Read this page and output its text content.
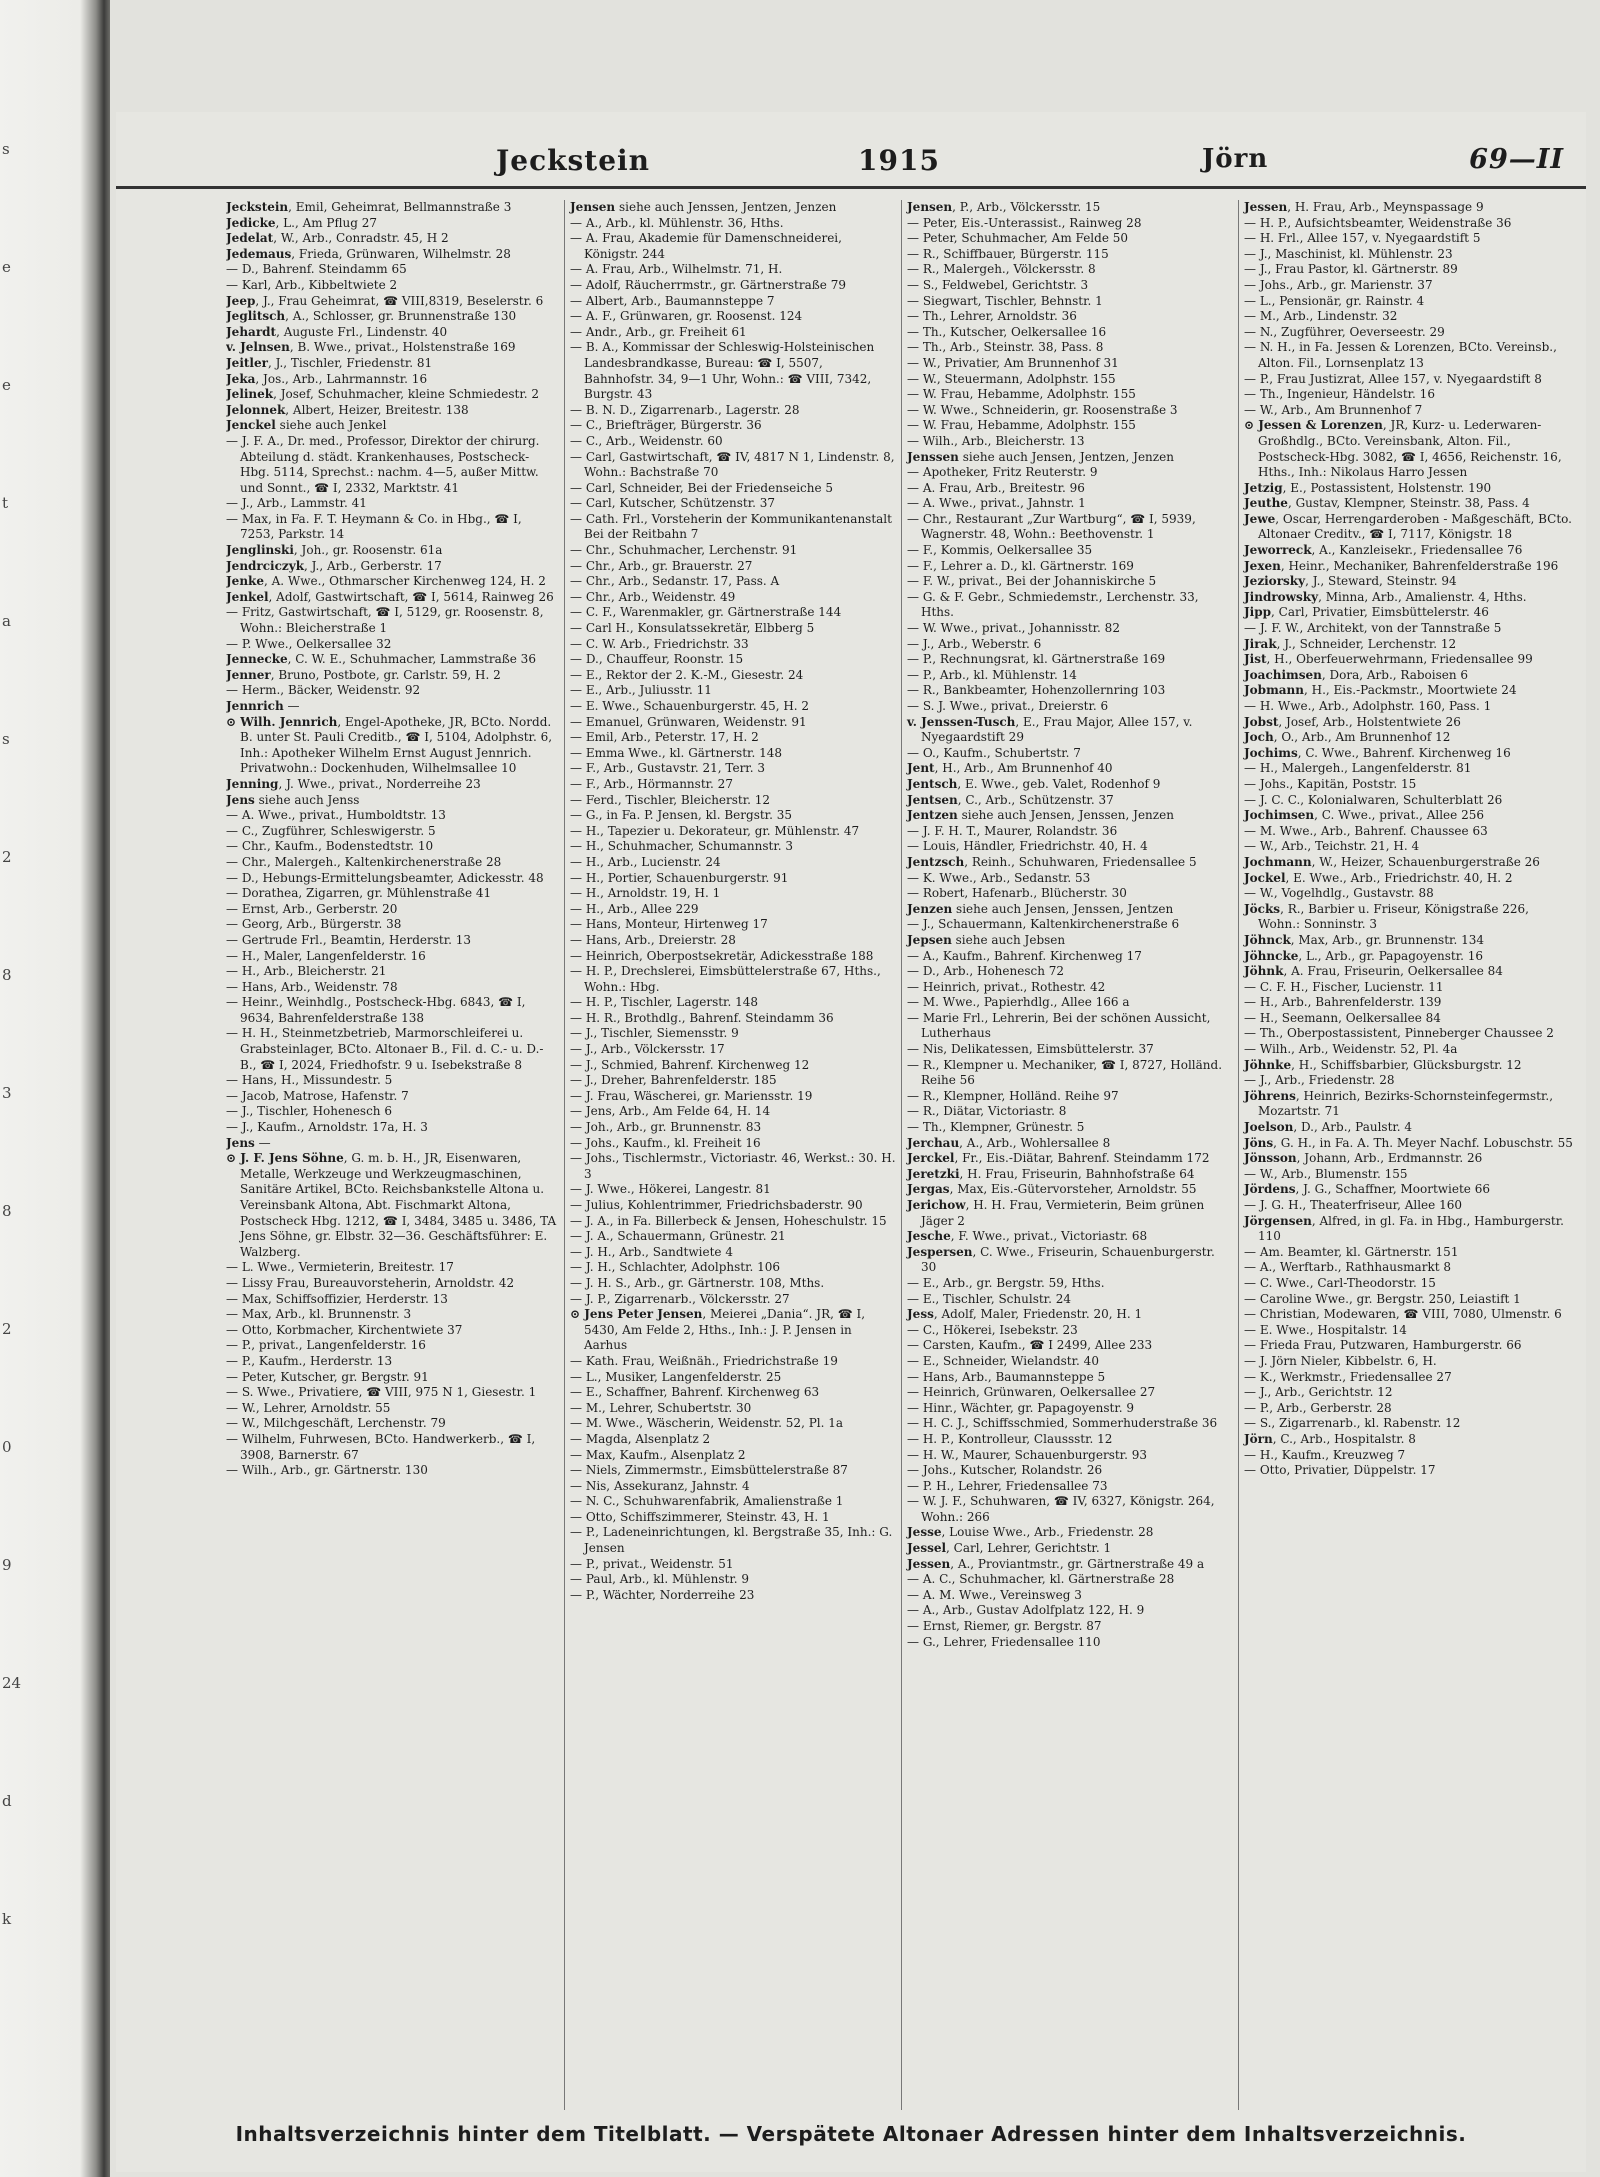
s
e
e
t
a
s
2
8
3
8
2
0
9
24
d
k
Jeckstein	1915	Jörn	69—II

Jeckstein, Emil, Geheimrat, Bellmannstraße 3

Jedicke, L., Am Pflug 27

Jedelat, W., Arb., Conradstr. 45, H 2

Jedemaus, Frieda, Grünwaren, Wilhelmstr. 28

— D., Bahrenf. Steindamm 65

— Karl, Arb., Kibbeltwiete 2

Jeep, J., Frau Geheimrat, ☎ VIII,8319, Beselerstr. 6

Jeglitsch, A., Schlosser, gr. Brunnenstraße 130

Jehardt, Auguste Frl., Lindenstr. 40

v. Jelnsen, B. Wwe., privat., Holstenstraße 169

Jeitler, J., Tischler, Friedenstr. 81

Jeka, Jos., Arb., Lahrmannstr. 16

Jelinek, Josef, Schuhmacher, kleine Schmiedestr. 2

Jelonnek, Albert, Heizer, Breitestr. 138

Jenckel siehe auch Jenkel

— J. F. A., Dr. med., Professor, Direktor der chirurg. Abteilung d. städt. Krankenhauses, Postscheck- Hbg. 5114, Sprechst.: nachm. 4—5, außer Mittw. und Sonnt., ☎ I, 2332, Marktstr. 41

— J., Arb., Lammstr. 41

— Max, in Fa. F. T. Heymann & Co. in Hbg., ☎ I, 7253, Parkstr. 14

Jenglinski, Joh., gr. Roosenstr. 61a

Jendrciczyk, J., Arb., Gerberstr. 17

Jenke, A. Wwe., Othmarscher Kirchenweg 124, H. 2

Jenkel, Adolf, Gastwirtschaft, ☎ I, 5614, Rainweg 26

— Fritz, Gastwirtschaft, ☎ I, 5129, gr. Roosenstr. 8, Wohn.: Bleicherstraße 1

— P. Wwe., Oelkersallee 32

Jennecke, C. W. E., Schuhmacher, Lammstraße 36

Jenner, Bruno, Postbote, gr. Carlstr. 59, H. 2

— Herm., Bäcker, Weidenstr. 92

Jennrich —

⊙ Wilh. Jennrich, Engel-Apotheke, JR, BCto. Nordd. B. unter St. Pauli Creditb., ☎ I, 5104, Adolphstr. 6, Inh.: Apotheker Wilhelm Ernst August Jennrich. Privatwohn.: Dockenhuden, Wilhelmsallee 10

Jenning, J. Wwe., privat., Norderreihe 23

Jens siehe auch Jenss

— A. Wwe., privat., Humboldtstr. 13

— C., Zugführer, Schleswigerstr. 5

— Chr., Kaufm., Bodenstedtstr. 10

— Chr., Malergeh., Kaltenkirchenerstraße 28

— D., Hebungs-Ermittelungsbeamter, Adickesstr. 48

— Dorathea, Zigarren, gr. Mühlenstraße 41

— Ernst, Arb., Gerberstr. 20

— Georg, Arb., Bürgerstr. 38

— Gertrude Frl., Beamtin, Herderstr. 13

— H., Maler, Langenfelderstr. 16

— H., Arb., Bleicherstr. 21

— Hans, Arb., Weidenstr. 78

— Heinr., Weinhdlg., Postscheck-Hbg. 6843, ☎ I, 9634, Bahrenfelderstraße 138

— H. H., Steinmetzbetrieb, Marmorschleiferei u. Grabsteinlager, BCto. Altonaer B., Fil. d. C.- u. D.-B., ☎ I, 2024, Friedhofstr. 9 u. Isebekstraße 8

— Hans, H., Missundestr. 5

— Jacob, Matrose, Hafenstr. 7

— J., Tischler, Hohenesch 6

— J., Kaufm., Arnoldstr. 17a, H. 3

Jens —

⊙ J. F. Jens Söhne, G. m. b. H., JR, Eisenwaren, Metalle, Werkzeuge und Werkzeugmaschinen, Sanitäre Artikel, BCto. Reichsbankstelle Altona u. Vereinsbank Altona, Abt. Fischmarkt Altona, Postscheck Hbg. 1212, ☎ I, 3484, 3485 u. 3486, TA Jens Söhne, gr. Elbstr. 32—36. Geschäftsführer: E. Walzberg.

— L. Wwe., Vermieterin, Breitestr. 17

— Lissy Frau, Bureauvorsteherin, Arnoldstr. 42

— Max, Schiffsoffizier, Herderstr. 13

— Max, Arb., kl. Brunnenstr. 3

— Otto, Korbmacher, Kirchentwiete 37

— P., privat., Langenfelderstr. 16

— P., Kaufm., Herderstr. 13

— Peter, Kutscher, gr. Bergstr. 91

— S. Wwe., Privatiere, ☎ VIII, 975 N 1, Giesestr. 1

— W., Lehrer, Arnoldstr. 55

— W., Milchgeschäft, Lerchenstr. 79

— Wilhelm, Fuhrwesen, BCto. Handwerkerb., ☎ I, 3908, Barnerstr. 67

— Wilh., Arb., gr. Gärtnerstr. 130

Jensen siehe auch Jenssen, Jentzen, Jenzen

— A., Arb., kl. Mühlenstr. 36, Hths.

— A. Frau, Akademie für Damenschneiderei, Königstr. 244

— A. Frau, Arb., Wilhelmstr. 71, H.

— Adolf, Räucherrmstr., gr. Gärtnerstraße 79

— Albert, Arb., Baumannsteppe 7

— A. F., Grünwaren, gr. Roosenst. 124

— Andr., Arb., gr. Freiheit 61

— B. A., Kommissar der Schleswig-Holsteinischen Landesbrandkasse, Bureau: ☎ I, 5507, Bahnhofstr. 34, 9—1 Uhr, Wohn.: ☎ VIII, 7342, Burgstr. 43

— B. N. D., Zigarrenarb., Lagerstr. 28

— C., Briefträger, Bürgerstr. 36

— C., Arb., Weidenstr. 60

— Carl, Gastwirtschaft, ☎ IV, 4817 N 1, Lindenstr. 8, Wohn.: Bachstraße 70

— Carl, Schneider, Bei der Friedenseiche 5

— Carl, Kutscher, Schützenstr. 37

— Cath. Frl., Vorsteherin der Kommunikantenanstalt Bei der Reitbahn 7

— Chr., Schuhmacher, Lerchenstr. 91

— Chr., Arb., gr. Brauerstr. 27

— Chr., Arb., Sedanstr. 17, Pass. A

— Chr., Arb., Weidenstr. 49

— C. F., Warenmakler, gr. Gärtnerstraße 144

— Carl H., Konsulatssekretär, Elbberg 5

— C. W. Arb., Friedrichstr. 33

— D., Chauffeur, Roonstr. 15

— E., Rektor der 2. K.-M., Giesestr. 24

— E., Arb., Juliusstr. 11

— E. Wwe., Schauenburgerstr. 45, H. 2

— Emanuel, Grünwaren, Weidenstr. 91

— Emil, Arb., Peterstr. 17, H. 2

— Emma Wwe., kl. Gärtnerstr. 148

— F., Arb., Gustavstr. 21, Terr. 3

— F., Arb., Hörmannstr. 27

— Ferd., Tischler, Bleicherstr. 12

— G., in Fa. P. Jensen, kl. Bergstr. 35

— H., Tapezier u. Dekorateur, gr. Mühlenstr. 47

— H., Schuhmacher, Schumannstr. 3

— H., Arb., Lucienstr. 24

— H., Portier, Schauenburgerstr. 91

— H., Arnoldstr. 19, H. 1

— H., Arb., Allee 229

— Hans, Monteur, Hirtenweg 17

— Hans, Arb., Dreierstr. 28

— Heinrich, Oberpostsekretär, Adickesstraße 188

— H. P., Drechslerei, Eimsbüttelerstraße 67, Hths., Wohn.: Hbg.

— H. P., Tischler, Lagerstr. 148

— H. R., Brothdlg., Bahrenf. Steindamm 36

— J., Tischler, Siemensstr. 9

— J., Arb., Völckersstr. 17

— J., Schmied, Bahrenf. Kirchenweg 12

— J., Dreher, Bahrenfelderstr. 185

— J. Frau, Wäscherei, gr. Mariensstr. 19

— Jens, Arb., Am Felde 64, H. 14

— Joh., Arb., gr. Brunnenstr. 83

— Johs., Kaufm., kl. Freiheit 16

— Johs., Tischlermstr., Victoriastr. 46, Werkst.: 30. H. 3

— J. Wwe., Hökerei, Langestr. 81

— Julius, Kohlentrimmer, Friedrichsbaderstr. 90

— J. A., in Fa. Billerbeck & Jensen, Hoheschulstr. 15

— J. A., Schauermann, Grünestr. 21

— J. H., Arb., Sandtwiete 4

— J. H., Schlachter, Adolphstr. 106

— J. H. S., Arb., gr. Gärtnerstr. 108, Mths.

— J. P., Zigarrenarb., Völckersstr. 27

⊙ Jens Peter Jensen, Meierei „Dania“. JR, ☎ I, 5430, Am Felde 2, Hths., Inh.: J. P. Jensen in Aarhus

— Kath. Frau, Weißnäh., Friedrichstraße 19

— L., Musiker, Langenfelderstr. 25

— E., Schaffner, Bahrenf. Kirchenweg 63

— M., Lehrer, Schubertstr. 30

— M. Wwe., Wäscherin, Weidenstr. 52, Pl. 1a

— Magda, Alsenplatz 2

— Max, Kaufm., Alsenplatz 2

— Niels, Zimmermstr., Eimsbüttelerstraße 87

— Nis, Assekuranz, Jahnstr. 4

— N. C., Schuhwarenfabrik, Amalienstraße 1

— Otto, Schiffszimmerer, Steinstr. 43, H. 1

— P., Ladeneinrichtungen, kl. Bergstraße 35, Inh.: G. Jensen

— P., privat., Weidenstr. 51

— Paul, Arb., kl. Mühlenstr. 9

— P., Wächter, Norderreihe 23

Jensen, P., Arb., Völckersstr. 15

— Peter, Eis.-Unterassist., Rainweg 28

— Peter, Schuhmacher, Am Felde 50

— R., Schiffbauer, Bürgerstr. 115

— R., Malergeh., Völckersstr. 8

— S., Feldwebel, Gerichtstr. 3

— Siegwart, Tischler, Behnstr. 1

— Th., Lehrer, Arnoldstr. 36

— Th., Kutscher, Oelkersallee 16

— Th., Arb., Steinstr. 38, Pass. 8

— W., Privatier, Am Brunnenhof 31

— W., Steuermann, Adolphstr. 155

— W. Frau, Hebamme, Adolphstr. 155

— W. Wwe., Schneiderin, gr. Roosenstraße 3

— W. Frau, Hebamme, Adolphstr. 155

— Wilh., Arb., Bleicherstr. 13

Jenssen siehe auch Jensen, Jentzen, Jenzen

— Apotheker, Fritz Reuterstr. 9

— A. Frau, Arb., Breitestr. 96

— A. Wwe., privat., Jahnstr. 1

— Chr., Restaurant „Zur Wartburg“, ☎ I, 5939, Wagnerstr. 48, Wohn.: Beethovenstr. 1

— F., Kommis, Oelkersallee 35

— F., Lehrer a. D., kl. Gärtnerstr. 169

— F. W., privat., Bei der Johanniskirche 5

— G. & F. Gebr., Schmiedemstr., Lerchenstr. 33, Hths.

— W. Wwe., privat., Johannisstr. 82

— J., Arb., Weberstr. 6

— P., Rechnungsrat, kl. Gärtnerstraße 169

— P., Arb., kl. Mühlenstr. 14

— R., Bankbeamter, Hohenzollernring 103

— S. J. Wwe., privat., Dreierstr. 6

v. Jenssen-Tusch, E., Frau Major, Allee 157, v. Nyegaardstift 29

— O., Kaufm., Schubertstr. 7

Jent, H., Arb., Am Brunnenhof 40

Jentsch, E. Wwe., geb. Valet, Rodenhof 9

Jentsen, C., Arb., Schützenstr. 37

Jentzen siehe auch Jensen, Jenssen, Jenzen

— J. F. H. T., Maurer, Rolandstr. 36

— Louis, Händler, Friedrichstr. 40, H. 4

Jentzsch, Reinh., Schuhwaren, Friedensallee 5

— K. Wwe., Arb., Sedanstr. 53

— Robert, Hafenarb., Blücherstr. 30

Jenzen siehe auch Jensen, Jenssen, Jentzen

— J., Schauermann, Kaltenkirchenerstraße 6

Jepsen siehe auch Jebsen

— A., Kaufm., Bahrenf. Kirchenweg 17

— D., Arb., Hohenesch 72

— Heinrich, privat., Rothestr. 42

— M. Wwe., Papierhdlg., Allee 166 a

— Marie Frl., Lehrerin, Bei der schönen Aussicht, Lutherhaus

— Nis, Delikatessen, Eimsbüttelerstr. 37

— R., Klempner u. Mechaniker, ☎ I, 8727, Holländ. Reihe 56

— R., Klempner, Holländ. Reihe 97

— R., Diätar, Victoriastr. 8

— Th., Klempner, Grünestr. 5

Jerchau, A., Arb., Wohlersallee 8

Jerckel, Fr., Eis.-Diätar, Bahrenf. Steindamm 172

Jeretzki, H. Frau, Friseurin, Bahnhofstraße 64

Jergas, Max, Eis.-Gütervorsteher, Arnoldstr. 55

Jerichow, H. H. Frau, Vermieterin, Beim grünen Jäger 2

Jesche, F. Wwe., privat., Victoriastr. 68

Jespersen, C. Wwe., Friseurin, Schauenburgerstr. 30

— E., Arb., gr. Bergstr. 59, Hths.

— E., Tischler, Schulstr. 24

Jess, Adolf, Maler, Friedenstr. 20, H. 1

— C., Hökerei, Isebekstr. 23

— Carsten, Kaufm., ☎ I 2499, Allee 233

— E., Schneider, Wielandstr. 40

— Hans, Arb., Baumannsteppe 5

— Heinrich, Grünwaren, Oelkersallee 27

— Hinr., Wächter, gr. Papagoyenstr. 9

— H. C. J., Schiffsschmied, Sommerhuderstraße 36

— H. P., Kontrolleur, Claussstr. 12

— H. W., Maurer, Schauenburgerstr. 93

— Johs., Kutscher, Rolandstr. 26

— P. H., Lehrer, Friedensallee 73

— W. J. F., Schuhwaren, ☎ IV, 6327, Königstr. 264, Wohn.: 266

Jesse, Louise Wwe., Arb., Friedenstr. 28

Jessel, Carl, Lehrer, Gerichtstr. 1

Jessen, A., Proviantmstr., gr. Gärtnerstraße 49 a

— A. C., Schuhmacher, kl. Gärtnerstraße 28

— A. M. Wwe., Vereinsweg 3

— A., Arb., Gustav Adolfplatz 122, H. 9

— Ernst, Riemer, gr. Bergstr. 87

— G., Lehrer, Friedensallee 110

Jessen, H. Frau, Arb., Meynspassage 9

— H. P., Aufsichtsbeamter, Weidenstraße 36

— H. Frl., Allee 157, v. Nyegaardstift 5

— J., Maschinist, kl. Mühlenstr. 23

— J., Frau Pastor, kl. Gärtnerstr. 89

— Johs., Arb., gr. Marienstr. 37

— L., Pensionär, gr. Rainstr. 4

— M., Arb., Lindenstr. 32

— N., Zugführer, Oeverseestr. 29

— N. H., in Fa. Jessen & Lorenzen, BCto. Vereinsb., Alton. Fil., Lornsenplatz 13

— P., Frau Justizrat, Allee 157, v. Nyegaardstift 8

— Th., Ingenieur, Händelstr. 16

— W., Arb., Am Brunnenhof 7

⊙ Jessen & Lorenzen, JR, Kurz- u. Lederwaren-Großhdlg., BCto. Vereinsbank, Alton. Fil., Postscheck-Hbg. 3082, ☎ I, 4656, Reichenstr. 16, Hths., Inh.: Nikolaus Harro Jessen

Jetzig, E., Postassistent, Holstenstr. 190

Jeuthe, Gustav, Klempner, Steinstr. 38, Pass. 4

Jewe, Oscar, Herrengarderoben - Maßgeschäft, BCto. Altonaer Creditv., ☎ I, 7117, Königstr. 18

Jeworreck, A., Kanzleisekr., Friedensallee 76

Jexen, Heinr., Mechaniker, Bahrenfelderstraße 196

Jeziorsky, J., Steward, Steinstr. 94

Jindrowsky, Minna, Arb., Amalienstr. 4, Hths.

Jipp, Carl, Privatier, Eimsbüttelerstr. 46

— J. F. W., Architekt, von der Tannstraße 5

Jirak, J., Schneider, Lerchenstr. 12

Jist, H., Oberfeuerwehrmann, Friedensallee 99

Joachimsen, Dora, Arb., Raboisen 6

Jobmann, H., Eis.-Packmstr., Moortwiete 24

— H. Wwe., Arb., Adolphstr. 160, Pass. 1

Jobst, Josef, Arb., Holstentwiete 26

Joch, O., Arb., Am Brunnenhof 12

Jochims, C. Wwe., Bahrenf. Kirchenweg 16

— H., Malergeh., Langenfelderstr. 81

— Johs., Kapitän, Poststr. 15

— J. C. C., Kolonialwaren, Schulterblatt 26

Jochimsen, C. Wwe., privat., Allee 256

— M. Wwe., Arb., Bahrenf. Chaussee 63

— W., Arb., Teichstr. 21, H. 4

Jochmann, W., Heizer, Schauenburgerstraße 26

Jockel, E. Wwe., Arb., Friedrichstr. 40, H. 2

— W., Vogelhdlg., Gustavstr. 88

Jöcks, R., Barbier u. Friseur, Königstraße 226, Wohn.: Sonninstr. 3

Jöhnck, Max, Arb., gr. Brunnenstr. 134

Jöhncke, L., Arb., gr. Papagoyenstr. 16

Jöhnk, A. Frau, Friseurin, Oelkersallee 84

— C. F. H., Fischer, Lucienstr. 11

— H., Arb., Bahrenfelderstr. 139

— H., Seemann, Oelkersallee 84

— Th., Oberpostassistent, Pinneberger Chaussee 2

— Wilh., Arb., Weidenstr. 52, Pl. 4a

Jöhnke, H., Schiffsbarbier, Glücksburgstr. 12

— J., Arb., Friedenstr. 28

Jöhrens, Heinrich, Bezirks-Schornsteinfegermstr., Mozartstr. 71

Joelson, D., Arb., Paulstr. 4

Jöns, G. H., in Fa. A. Th. Meyer Nachf. Lobuschstr. 55

Jönsson, Johann, Arb., Erdmannstr. 26

— W., Arb., Blumenstr. 155

Jördens, J. G., Schaffner, Moortwiete 66

— J. G. H., Theaterfriseur, Allee 160

Jörgensen, Alfred, in gl. Fa. in Hbg., Hamburgerstr. 110

— Am. Beamter, kl. Gärtnerstr. 151

— A., Werftarb., Rathhausmarkt 8

— C. Wwe., Carl-Theodorstr. 15

— Caroline Wwe., gr. Bergstr. 250, Leiastift 1

— Christian, Modewaren, ☎ VIII, 7080, Ulmenstr. 6

— E. Wwe., Hospitalstr. 14

— Frieda Frau, Putzwaren, Hamburgerstr. 66

— J. Jörn Nieler, Kibbelstr. 6, H.

— K., Werkmstr., Friedensallee 27

— J., Arb., Gerichtstr. 12

— P., Arb., Gerberstr. 28

— S., Zigarrenarb., kl. Rabenstr. 12

Jörn, C., Arb., Hospitalstr. 8

— H., Kaufm., Kreuzweg 7

— Otto, Privatier, Düppelstr. 17

Inhaltsverzeichnis hinter dem Titelblatt. — Verspätete Altonaer Adressen hinter dem Inhaltsverzeichnis.
